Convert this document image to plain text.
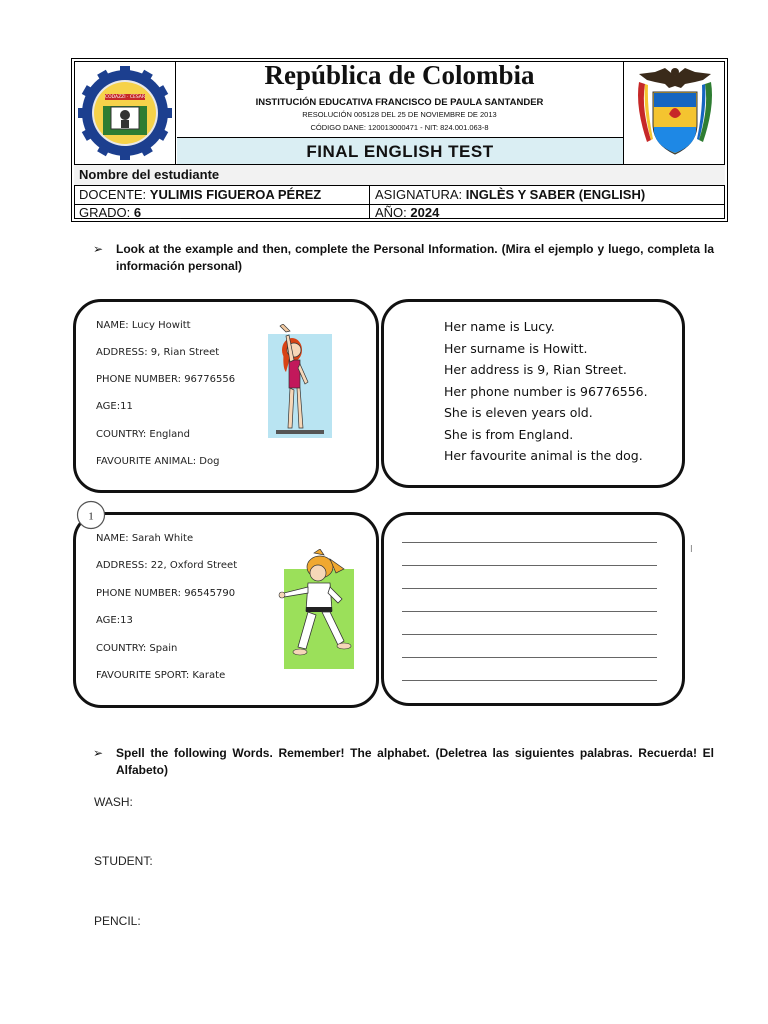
CODAZZI · CESAR
República de Colombia
INSTITUCIÓN EDUCATIVA FRANCISCO DE PAULA SANTANDER
RESOLUCIÓN 005128 DEL 25 DE NOVIEMBRE DE 2013
CÓDIGO DANE: 120013000471 - NIT: 824.001.063-8
FINAL ENGLISH TEST
Nombre del estudiante
DOCENTE: YULIMIS FIGUEROA PÉREZ	ASIGNATURA: INGLÈS Y SABER (ENGLISH)
GRADO: 6 _____	AÑO: 2024
➢ Look at the example and then, complete the Personal Information. (Mira el ejemplo y luego, completa la información personal)
NAME: Lucy Howitt
ADDRESS: 9, Rian Street
PHONE NUMBER: 96776556
AGE:11
COUNTRY: England
FAVOURITE ANIMAL: Dog
Her name is Lucy.
Her surname is Howitt.
Her address is 9, Rian Street.
Her phone number is 96776556.
She is eleven years old.
She is from England.
Her favourite animal is the dog.
NAME: Sarah White
ADDRESS: 22, Oxford Street
PHONE NUMBER: 96545790
AGE:13
COUNTRY: Spain
FAVOURITE SPORT: Karate
1
I
➢ Spell the following Words. Remember! The alphabet. (Deletrea las siguientes palabras. Recuerda! El Alfabeto)
WASH:
STUDENT:
PENCIL:
